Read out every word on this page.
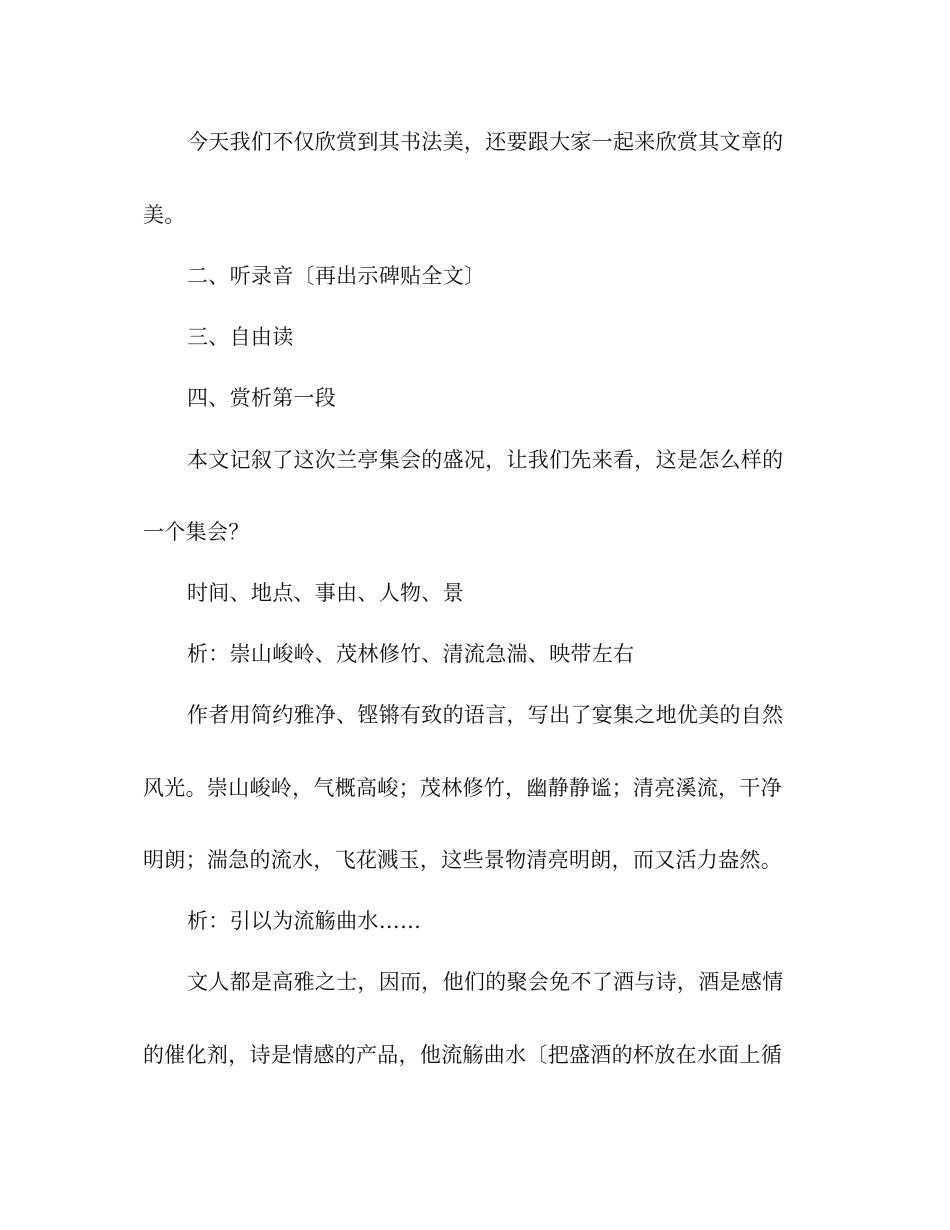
今天我们不仅欣赏到其书法美，还要跟大家一起来欣赏其文章的
美。
二、听录音〔再出示碑贴全文〕
三、自由读
四、赏析第一段
本文记叙了这次兰亭集会的盛况，让我们先来看，这是怎么样的
一个集会？
时间、地点、事由、人物、景
析：崇山峻岭、茂林修竹、清流急湍、映带左右
作者用简约雅净、铿锵有致的语言，写出了宴集之地优美的自然
风光。崇山峻岭，气概高峻；茂林修竹，幽静静谧；清亮溪流，干净
明朗；湍急的流水，飞花溅玉，这些景物清亮明朗，而又活力盎然。
析：引以为流觞曲水……
文人都是高雅之士，因而，他们的聚会免不了酒与诗，酒是感情
的催化剂，诗是情感的产品，他流觞曲水〔把盛酒的杯放在水面上循
